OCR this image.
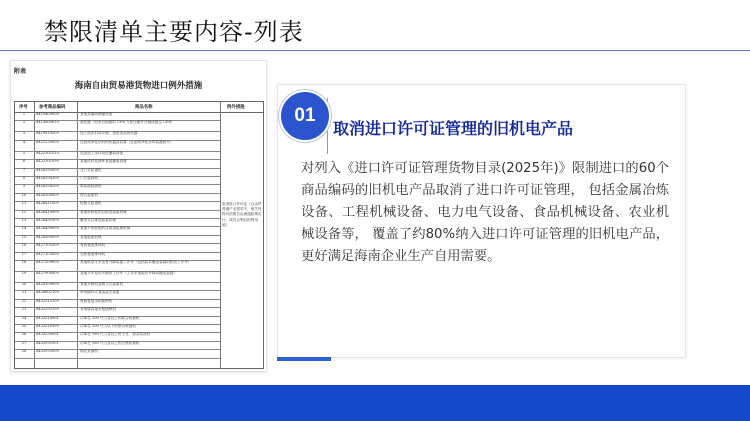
禁限清单主要内容-列表
附表
海南自由贸易港货物进口例外措施
序号	参考商品编码	商品名称	例外措施
1	8419409000	其他蒸馏或精馏设备
2	8419609010	液化器（将来自组级的 UF6 气体压缩并冷凝成液态 UF6）
3	8419810000	加工热饮料或烹调、加热食品的机器
4	8421220000	过滤或净化饮料的机器及装置（过滤或净化水的装置除外）
5	8422301010	乳品加工用自动化灌装设备
6	8422301090	其他饮料及液体食品灌装设备
7	8426193000	龙门式起重机
8	8426194100	门式装卸桥
9	8426194200	集装箱装卸桥
10	8426200000	塔式起重机
11	8426411000	轮胎式起重机
12	8426419000	其他带胶轮的自推进起重机械
13	8426491000	履带式自推进起重机械
14	8426499000	其他不带胶轮的自推进起重机械
15	8426990000	其他起重机械
16	8427101000	有轨巷道堆垛机
17	8427102000	无轨巷道堆垛机
18	8427209000	其他机动叉车及有升降装置工作车（包括装有搬运装置的机动工作车）
19	8427900000	其他叉车及可升降的工作车（工作车指装有升降或搬运装置）
20	8428109000	其他升降机及倒斗式起重机
21	8428602100	单线循环式客运架空索道
22	8432313100	免耕直接水稻插秧机
23	8432393100	非免耕直接水稻插秧机
24	8433510001	功率在 200 马力及以上的联合收割机
25	8433510090	功率在 200 马力以下的联合收割机
26	8433530001	功率在 160 马力及以上的土豆、甜菜收获机
27	8433591001	功率在 160 马力及以上的甘蔗收割机
28	8433592000	棉花采摘机
取消进口许可证（自由贸易港产业需求中，相关货物可依照自由流通政策实行，或有合利目的利用地）
01
取消进口许可证管理的旧机电产品
对列入《进口许可证管理货物目录(2025年)》限制进口的60个商品编码的旧机电产品取消了进口许可证管理， 包括金属冶炼设备、工程机械设备、电力电气设备、食品机械设备、农业机械设备等， 覆盖了约80%纳入进口许可证管理的旧机电产品， 更好满足海南企业生产自用需要。
